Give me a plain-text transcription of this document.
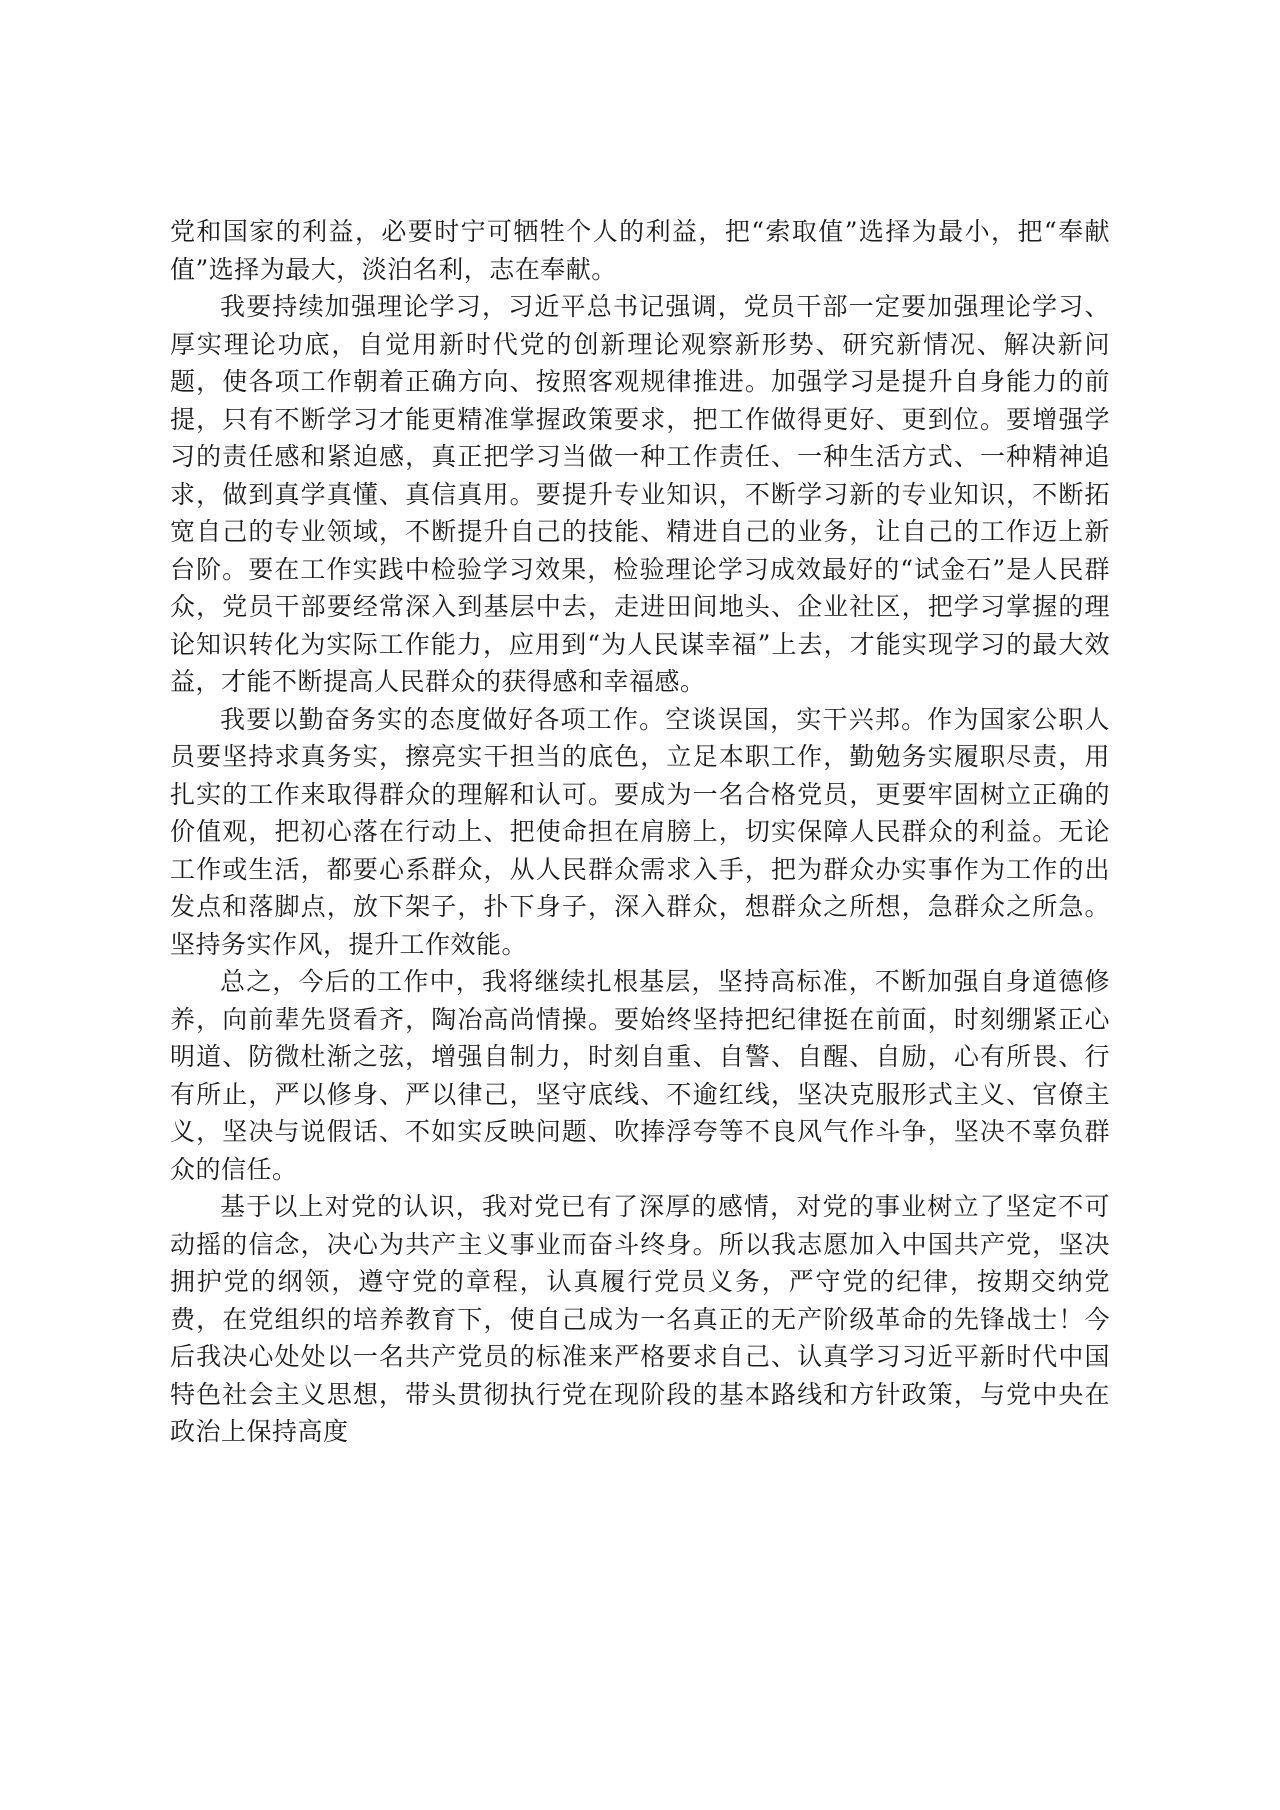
党和国家的利益，必要时宁可牺牲个人的利益，把“索取值”选择为最小，把“奉献值”选择为最大，淡泊名利，志在奉献。

我要持续加强理论学习，习近平总书记强调，党员干部一定要加强理论学习、厚实理论功底，自觉用新时代党的创新理论观察新形势、研究新情况、解决新问题，使各项工作朝着正确方向、按照客观规律推进。加强学习是提升自身能力的前提，只有不断学习才能更精准掌握政策要求，把工作做得更好、更到位。要增强学习的责任感和紧迫感，真正把学习当做一种工作责任、一种生活方式、一种精神追求，做到真学真懂、真信真用。要提升专业知识，不断学习新的专业知识，不断拓宽自己的专业领域，不断提升自己的技能、精进自己的业务，让自己的工作迈上新台阶。要在工作实践中检验学习效果，检验理论学习成效最好的“试金石”是人民群众，党员干部要经常深入到基层中去，走进田间地头、企业社区，把学习掌握的理论知识转化为实际工作能力，应用到“为人民谋幸福”上去，才能实现学习的最大效益，才能不断提高人民群众的获得感和幸福感。

我要以勤奋务实的态度做好各项工作。空谈误国，实干兴邦。作为国家公职人员要坚持求真务实，擦亮实干担当的底色，立足本职工作，勤勉务实履职尽责，用扎实的工作来取得群众的理解和认可。要成为一名合格党员，更要牢固树立正确的价值观，把初心落在行动上、把使命担在肩膀上，切实保障人民群众的利益。无论工作或生活，都要心系群众，从人民群众需求入手，把为群众办实事作为工作的出发点和落脚点，放下架子，扑下身子，深入群众，想群众之所想，急群众之所急。坚持务实作风，提升工作效能。

总之，今后的工作中，我将继续扎根基层，坚持高标准，不断加强自身道德修养，向前辈先贤看齐，陶冶高尚情操。要始终坚持把纪律挺在前面，时刻绷紧正心明道、防微杜渐之弦，增强自制力，时刻自重、自警、自醒、自励，心有所畏、行有所止，严以修身、严以律己，坚守底线、不逾红线，坚决克服形式主义、官僚主义，坚决与说假话、不如实反映问题、吹捧浮夸等不良风气作斗争，坚决不辜负群众的信任。

基于以上对党的认识，我对党已有了深厚的感情，对党的事业树立了坚定不可动摇的信念，决心为共产主义事业而奋斗终身。所以我志愿加入中国共产党，坚决拥护党的纲领，遵守党的章程，认真履行党员义务，严守党的纪律，按期交纳党费，在党组织的培养教育下，使自己成为一名真正的无产阶级革命的先锋战士！今后我决心处处以一名共产党员的标准来严格要求自己、认真学习习近平新时代中国特色社会主义思想，带头贯彻执行党在现阶段的基本路线和方针政策，与党中央在政治上保持高度
